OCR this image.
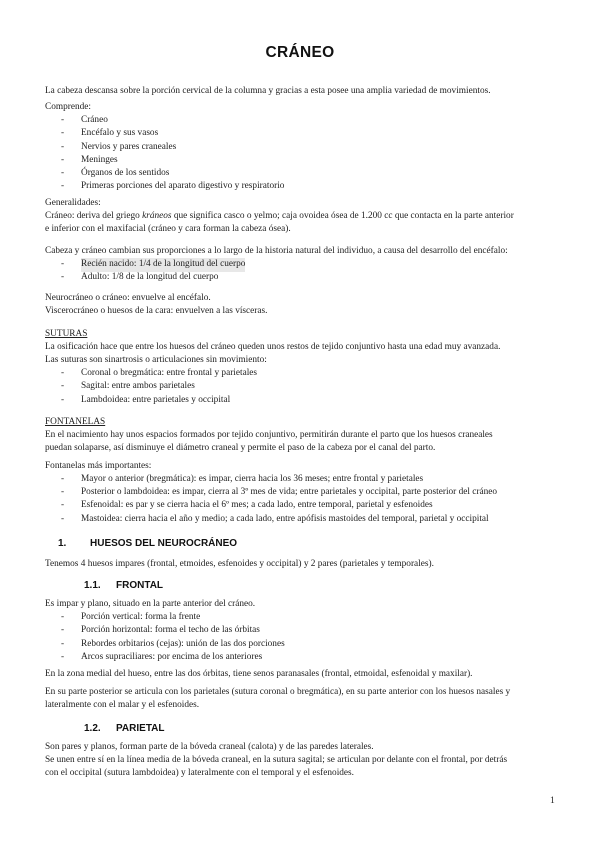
CRÁNEO

La cabeza descansa sobre la porción cervical de la columna y gracias a esta posee una amplia variedad de movimientos.

Comprende:

Cráneo

Encéfalo y sus vasos

Nervios y pares craneales

Meninges

Órganos de los sentidos

Primeras porciones del aparato digestivo y respiratorio

Generalidades:

Cráneo: deriva del griego kráneos que significa casco o yelmo; caja ovoidea ósea de 1.200 cc que contacta en la parte anterior

e inferior con el maxifacial (cráneo y cara forman la cabeza ósea).

Cabeza y cráneo cambian sus proporciones a lo largo de la historia natural del individuo, a causa del desarrollo del encéfalo:

Recién nacido: 1/4 de la longitud del cuerpo

Adulto: 1/8 de la longitud del cuerpo

Neurocráneo o cráneo: envuelve al encéfalo.

Viscerocráneo o huesos de la cara: envuelven a las vísceras.

SUTURAS

La osificación hace que entre los huesos del cráneo queden unos restos de tejido conjuntivo hasta una edad muy avanzada.

Las suturas son sinartrosis o articulaciones sin movimiento:

Coronal o bregmática: entre frontal y parietales

Sagital: entre ambos parietales

Lambdoidea: entre parietales y occipital

FONTANELAS

En el nacimiento hay unos espacios formados por tejido conjuntivo, permitirán durante el parto que los huesos craneales

puedan solaparse, así disminuye el diámetro craneal y permite el paso de la cabeza por el canal del parto.

Fontanelas más importantes:

Mayor o anterior (bregmática): es impar, cierra hacia los 36 meses; entre frontal y parietales

Posterior o lambdoidea: es impar, cierra al 3º mes de vida; entre parietales y occipital, parte posterior del cráneo

Esfenoidal: es par y se cierra hacia el 6º mes; a cada lado, entre temporal, parietal y esfenoides

Mastoidea: cierra hacia el año y medio; a cada lado, entre apófisis mastoides del temporal, parietal y occipital

1. HUESOS DEL NEUROCRÁNEO

Tenemos 4 huesos impares (frontal, etmoides, esfenoides y occipital) y 2 pares (parietales y temporales).

1.1. FRONTAL

Es impar y plano, situado en la parte anterior del cráneo.

Porción vertical: forma la frente

Porción horizontal: forma el techo de las órbitas

Rebordes orbitarios (cejas): unión de las dos porciones

Arcos supraciliares: por encima de los anteriores

En la zona medial del hueso, entre las dos órbitas, tiene senos paranasales (frontal, etmoidal, esfenoidal y maxilar).

En su parte posterior se articula con los parietales (sutura coronal o bregmática), en su parte anterior con los huesos nasales y

lateralmente con el malar y el esfenoides.

1.2. PARIETAL

Son pares y planos, forman parte de la bóveda craneal (calota) y de las paredes laterales.

Se unen entre sí en la línea media de la bóveda craneal, en la sutura sagital; se articulan por delante con el frontal, por detrás

con el occipital (sutura lambdoidea) y lateralmente con el temporal y el esfenoides.

1
